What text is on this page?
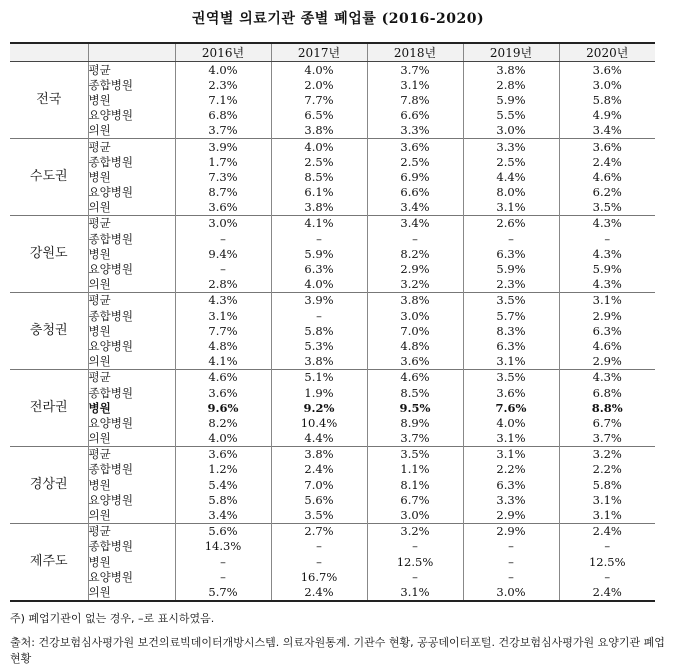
권역별 의료기관 종별 폐업률 (2016-2020)
		2016년	2017년	2018년	2019년	2020년
전국	평균	4.0%	4.0%	3.7%	3.8%	3.6%
	종합병원	2.3%	2.0%	3.1%	2.8%	3.0%
	병원	7.1%	7.7%	7.8%	5.9%	5.8%
	요양병원	6.8%	6.5%	6.6%	5.5%	4.9%
	의원	3.7%	3.8%	3.3%	3.0%	3.4%
수도권	평균	3.9%	4.0%	3.6%	3.3%	3.6%
	종합병원	1.7%	2.5%	2.5%	2.5%	2.4%
	병원	7.3%	8.5%	6.9%	4.4%	4.6%
	요양병원	8.7%	6.1%	6.6%	8.0%	6.2%
	의원	3.6%	3.8%	3.4%	3.1%	3.5%
강원도	평균	3.0%	4.1%	3.4%	2.6%	4.3%
	종합병원	–	–	–	–	–
	병원	9.4%	5.9%	8.2%	6.3%	4.3%
	요양병원	–	6.3%	2.9%	5.9%	5.9%
	의원	2.8%	4.0%	3.2%	2.3%	4.3%
충청권	평균	4.3%	3.9%	3.8%	3.5%	3.1%
	종합병원	3.1%	–	3.0%	5.7%	2.9%
	병원	7.7%	5.8%	7.0%	8.3%	6.3%
	요양병원	4.8%	5.3%	4.8%	6.3%	4.6%
	의원	4.1%	3.8%	3.6%	3.1%	2.9%
전라권	평균	4.6%	5.1%	4.6%	3.5%	4.3%
	종합병원	3.6%	1.9%	8.5%	3.6%	6.8%
	병원	9.6%	9.2%	9.5%	7.6%	8.8%
	요양병원	8.2%	10.4%	8.9%	4.0%	6.7%
	의원	4.0%	4.4%	3.7%	3.1%	3.7%
경상권	평균	3.6%	3.8%	3.5%	3.1%	3.2%
	종합병원	1.2%	2.4%	1.1%	2.2%	2.2%
	병원	5.4%	7.0%	8.1%	6.3%	5.8%
	요양병원	5.8%	5.6%	6.7%	3.3%	3.1%
	의원	3.4%	3.5%	3.0%	2.9%	3.1%
제주도	평균	5.6%	2.7%	3.2%	2.9%	2.4%
	종합병원	14.3%	–	–	–	–
	병원	–	–	12.5%	–	12.5%
	요양병원	–	16.7%	–	–	–
	의원	5.7%	2.4%	3.1%	3.0%	2.4%
주) 폐업기관이 없는 경우, –로 표시하였음.
출처: 건강보험심사평가원 보건의료빅데이터개방시스템. 의료자원통계. 기관수 현황, 공공데이터포털. 건강보험심사평가원 요양기관 폐업 현황
